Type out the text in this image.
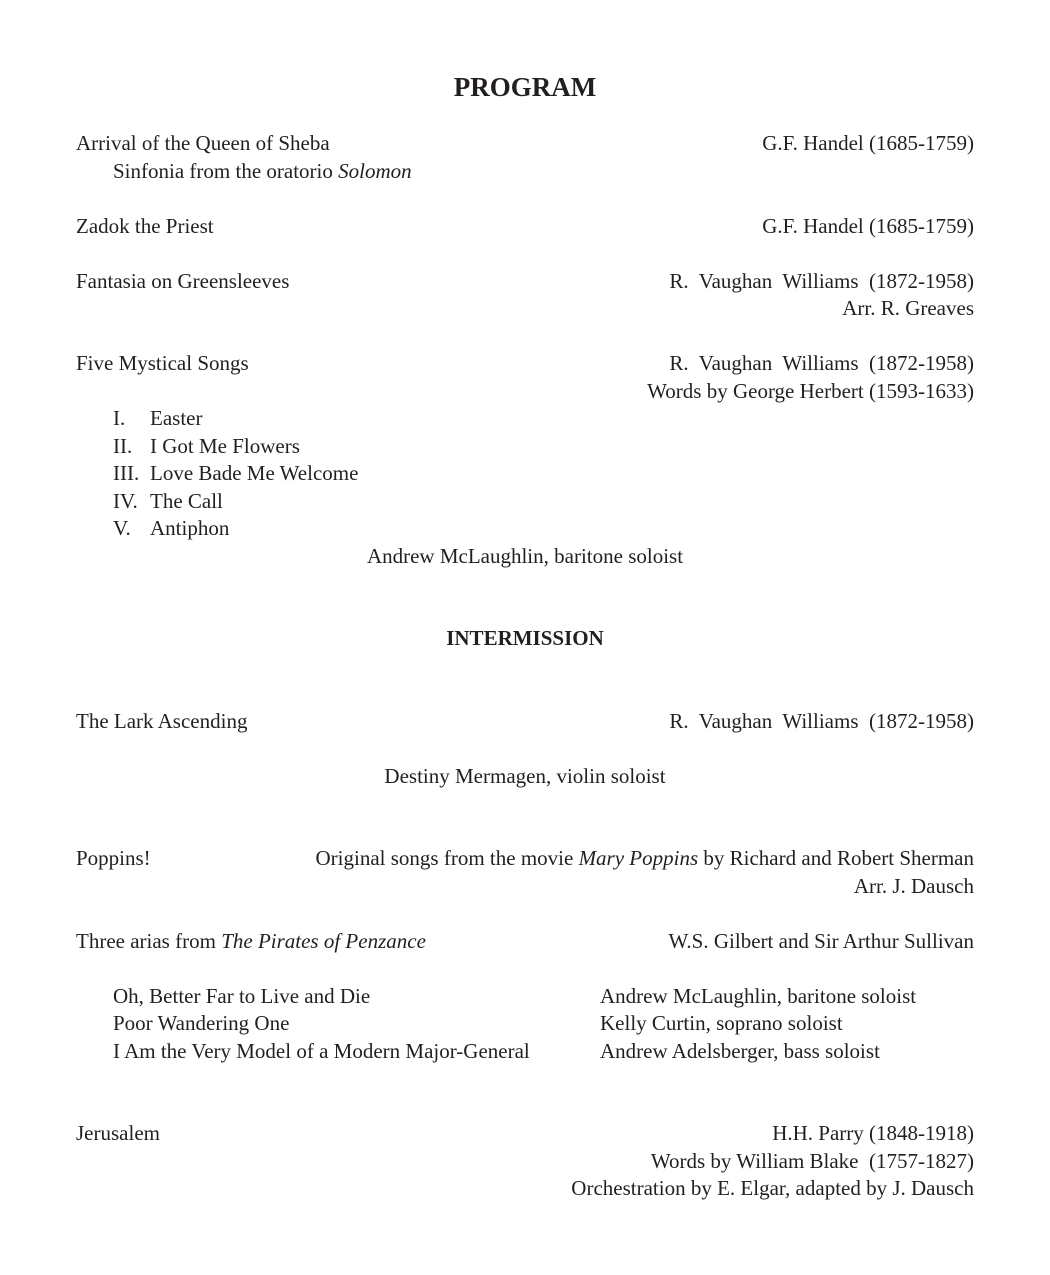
PROGRAM
Arrival of the Queen of Sheba	G.F. Handel (1685-1759)
Sinfonia from the oratorio Solomon
Zadok the Priest	G.F. Handel (1685-1759)
Fantasia on Greensleeves	R.  Vaughan  Williams  (1872-1958)
Arr. R. Greaves
Five Mystical Songs	R.  Vaughan  Williams  (1872-1958)
Words by George Herbert (1593-1633)
I. Easter
II. I Got Me Flowers
III. Love Bade Me Welcome
IV. The Call
V. Antiphon
Andrew McLaughlin, baritone soloist
INTERMISSION
The Lark Ascending	R.  Vaughan  Williams  (1872-1958)
Destiny Mermagen, violin soloist
Poppins!	Original songs from the movie Mary Poppins by Richard and Robert Sherman
Arr. J. Dausch
Three arias from The Pirates of Penzance	W.S. Gilbert and Sir Arthur Sullivan
Oh, Better Far to Live and Die	Andrew McLaughlin, baritone soloist
Poor Wandering One	Kelly Curtin, soprano soloist
I Am the Very Model of a Modern Major-General	Andrew Adelsberger, bass soloist
Jerusalem	H.H. Parry (1848-1918)
Words by William Blake  (1757-1827)
Orchestration by E. Elgar, adapted by J. Dausch
